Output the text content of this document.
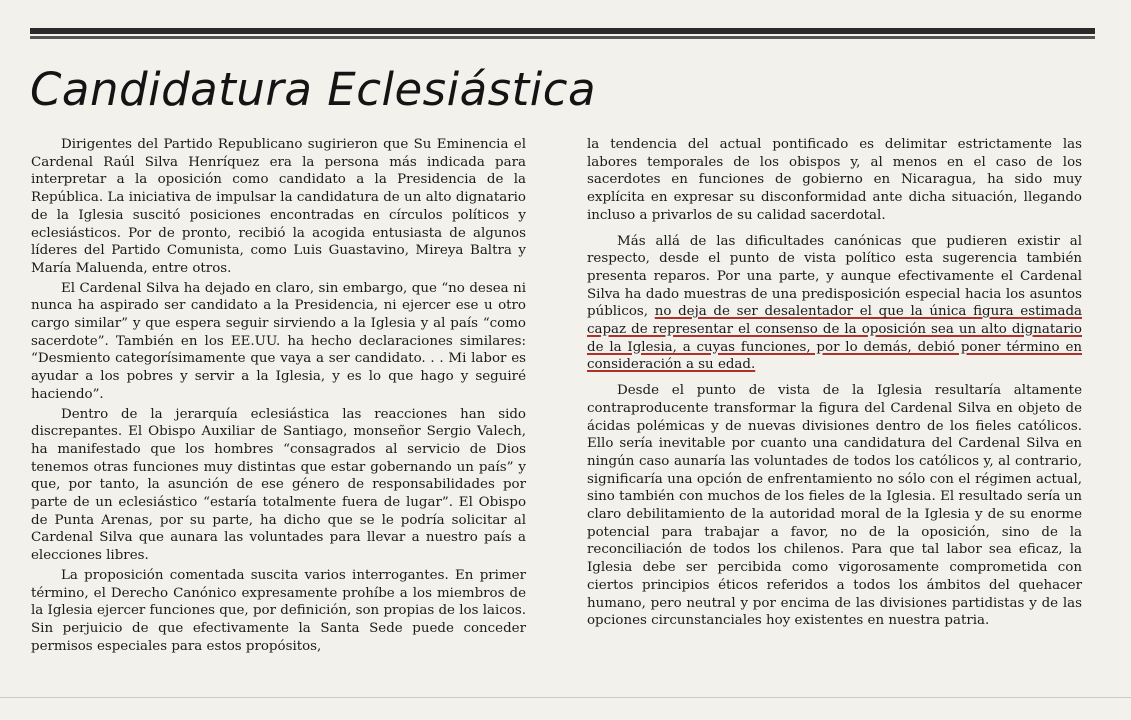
Candidatura Eclesiástica

Dirigentes del Partido Republicano sugirieron que Su Eminencia el Cardenal Raúl Silva Henríquez era la persona más indicada para interpretar a la oposición como candidato a la Presidencia de la República. La iniciativa de impulsar la candidatura de un alto dignatario de la Iglesia suscitó posiciones encontradas en círculos políticos y eclesiásticos. Por de pronto, recibió la acogida entusiasta de algunos líderes del Partido Comunista, como Luis Guastavino, Mireya Baltra y María Maluenda, entre otros.

El Cardenal Silva ha dejado en claro, sin embargo, que “no desea ni nunca ha aspirado ser candidato a la Presidencia, ni ejercer ese u otro cargo similar” y que espera seguir sirviendo a la Iglesia y al país “como sacerdote”. También en los EE.UU. ha hecho declaraciones similares: “Desmiento categorísimamente que vaya a ser candidato. . . Mi labor es ayudar a los pobres y servir a la Iglesia, y es lo que hago y seguiré haciendo”.

Dentro de la jerarquía eclesiástica las reacciones han sido discrepantes. El Obispo Auxiliar de Santiago, monseñor Sergio Valech, ha manifestado que los hombres “consagrados al servicio de Dios tenemos otras funciones muy distintas que estar gobernando un país” y que, por tanto, la asunción de ese género de responsabilidades por parte de un eclesiástico “estaría totalmente fuera de lugar”. El Obispo de Punta Arenas, por su parte, ha dicho que se le podría solicitar al Cardenal Silva que aunara las voluntades para llevar a nuestro país a elecciones libres.

La proposición comentada suscita varios interrogantes. En primer término, el Derecho Canónico expresamente prohíbe a los miembros de la Iglesia ejercer funciones que, por definición, son propias de los laicos. Sin perjuicio de que efectivamente la Santa Sede puede conceder permisos especiales para estos propósitos,

la tendencia del actual pontificado es delimitar estrictamente las labores temporales de los obispos y, al menos en el caso de los sacerdotes en funciones de gobierno en Nicaragua, ha sido muy explícita en expresar su disconformidad ante dicha situación, llegando incluso a privarlos de su calidad sacerdotal.

Más allá de las dificultades canónicas que pudieren existir al respecto, desde el punto de vista político esta sugerencia también presenta reparos. Por una parte, y aunque efectivamente el Cardenal Silva ha dado muestras de una predisposición especial hacia los asuntos públicos, no deja de ser desalentador el que la única figura estimada capaz de representar el consenso de la oposición sea un alto dignatario de la Iglesia, a cuyas funciones, por lo demás, debió poner término en consideración a su edad.

Desde el punto de vista de la Iglesia resultaría altamente contraproducente transformar la figura del Cardenal Silva en objeto de ácidas polémicas y de nuevas divisiones dentro de los fieles católicos. Ello sería inevitable por cuanto una candidatura del Cardenal Silva en ningún caso aunaría las voluntades de todos los católicos y, al contrario, significaría una opción de enfrentamiento no sólo con el régimen actual, sino también con muchos de los fieles de la Iglesia. El resultado sería un claro debilitamiento de la autoridad moral de la Iglesia y de su enorme potencial para trabajar a favor, no de la oposición, sino de la reconciliación de todos los chilenos. Para que tal labor sea eficaz, la Iglesia debe ser percibida como vigorosamente comprometida con ciertos principios éticos referidos a todos los ámbitos del quehacer humano, pero neutral y por encima de las divisiones partidistas y de las opciones circunstanciales hoy existentes en nuestra patria.
